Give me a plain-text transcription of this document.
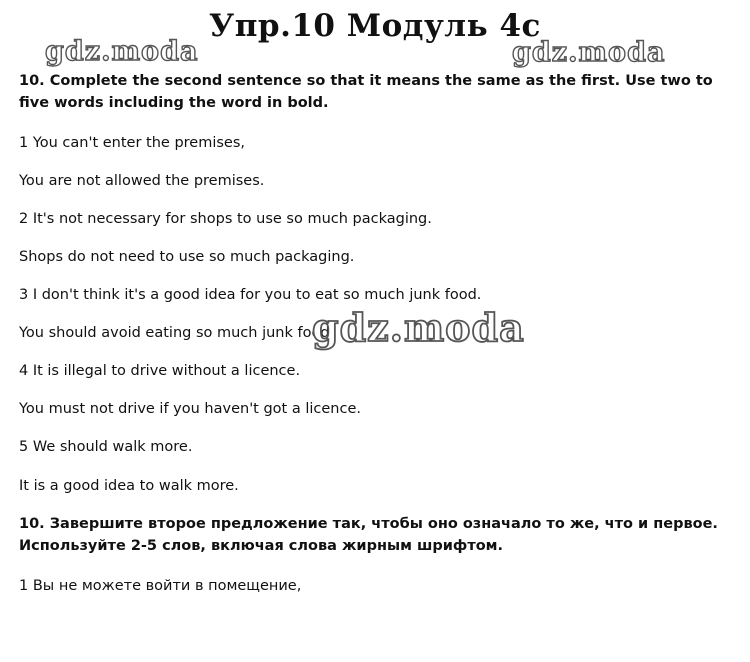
Упр.10 Модуль 4с
gdz.moda	gdz.moda

10. Complete the second sentence so that it means the same as the first. Use two to five words including the word in bold.

1 You can't enter the premises,

You are not allowed the premises.

2 It's not necessary for shops to use so much packaging.

Shops do not need to use so much packaging.

3 I don't think it's a good idea for you to eat so much junk food.

You should avoid eating so much junk food.

4 It is illegal to drive without a licence.

You must not drive if you haven't got a licence.

5 We should walk more.

It is a good idea to walk more.

10. Завершите второе предложение так, чтобы оно означало то же, что и первое. Используйте 2-5 слов, включая слова жирным шрифтом.

1 Вы не можете войти в помещение,

gdz.moda
